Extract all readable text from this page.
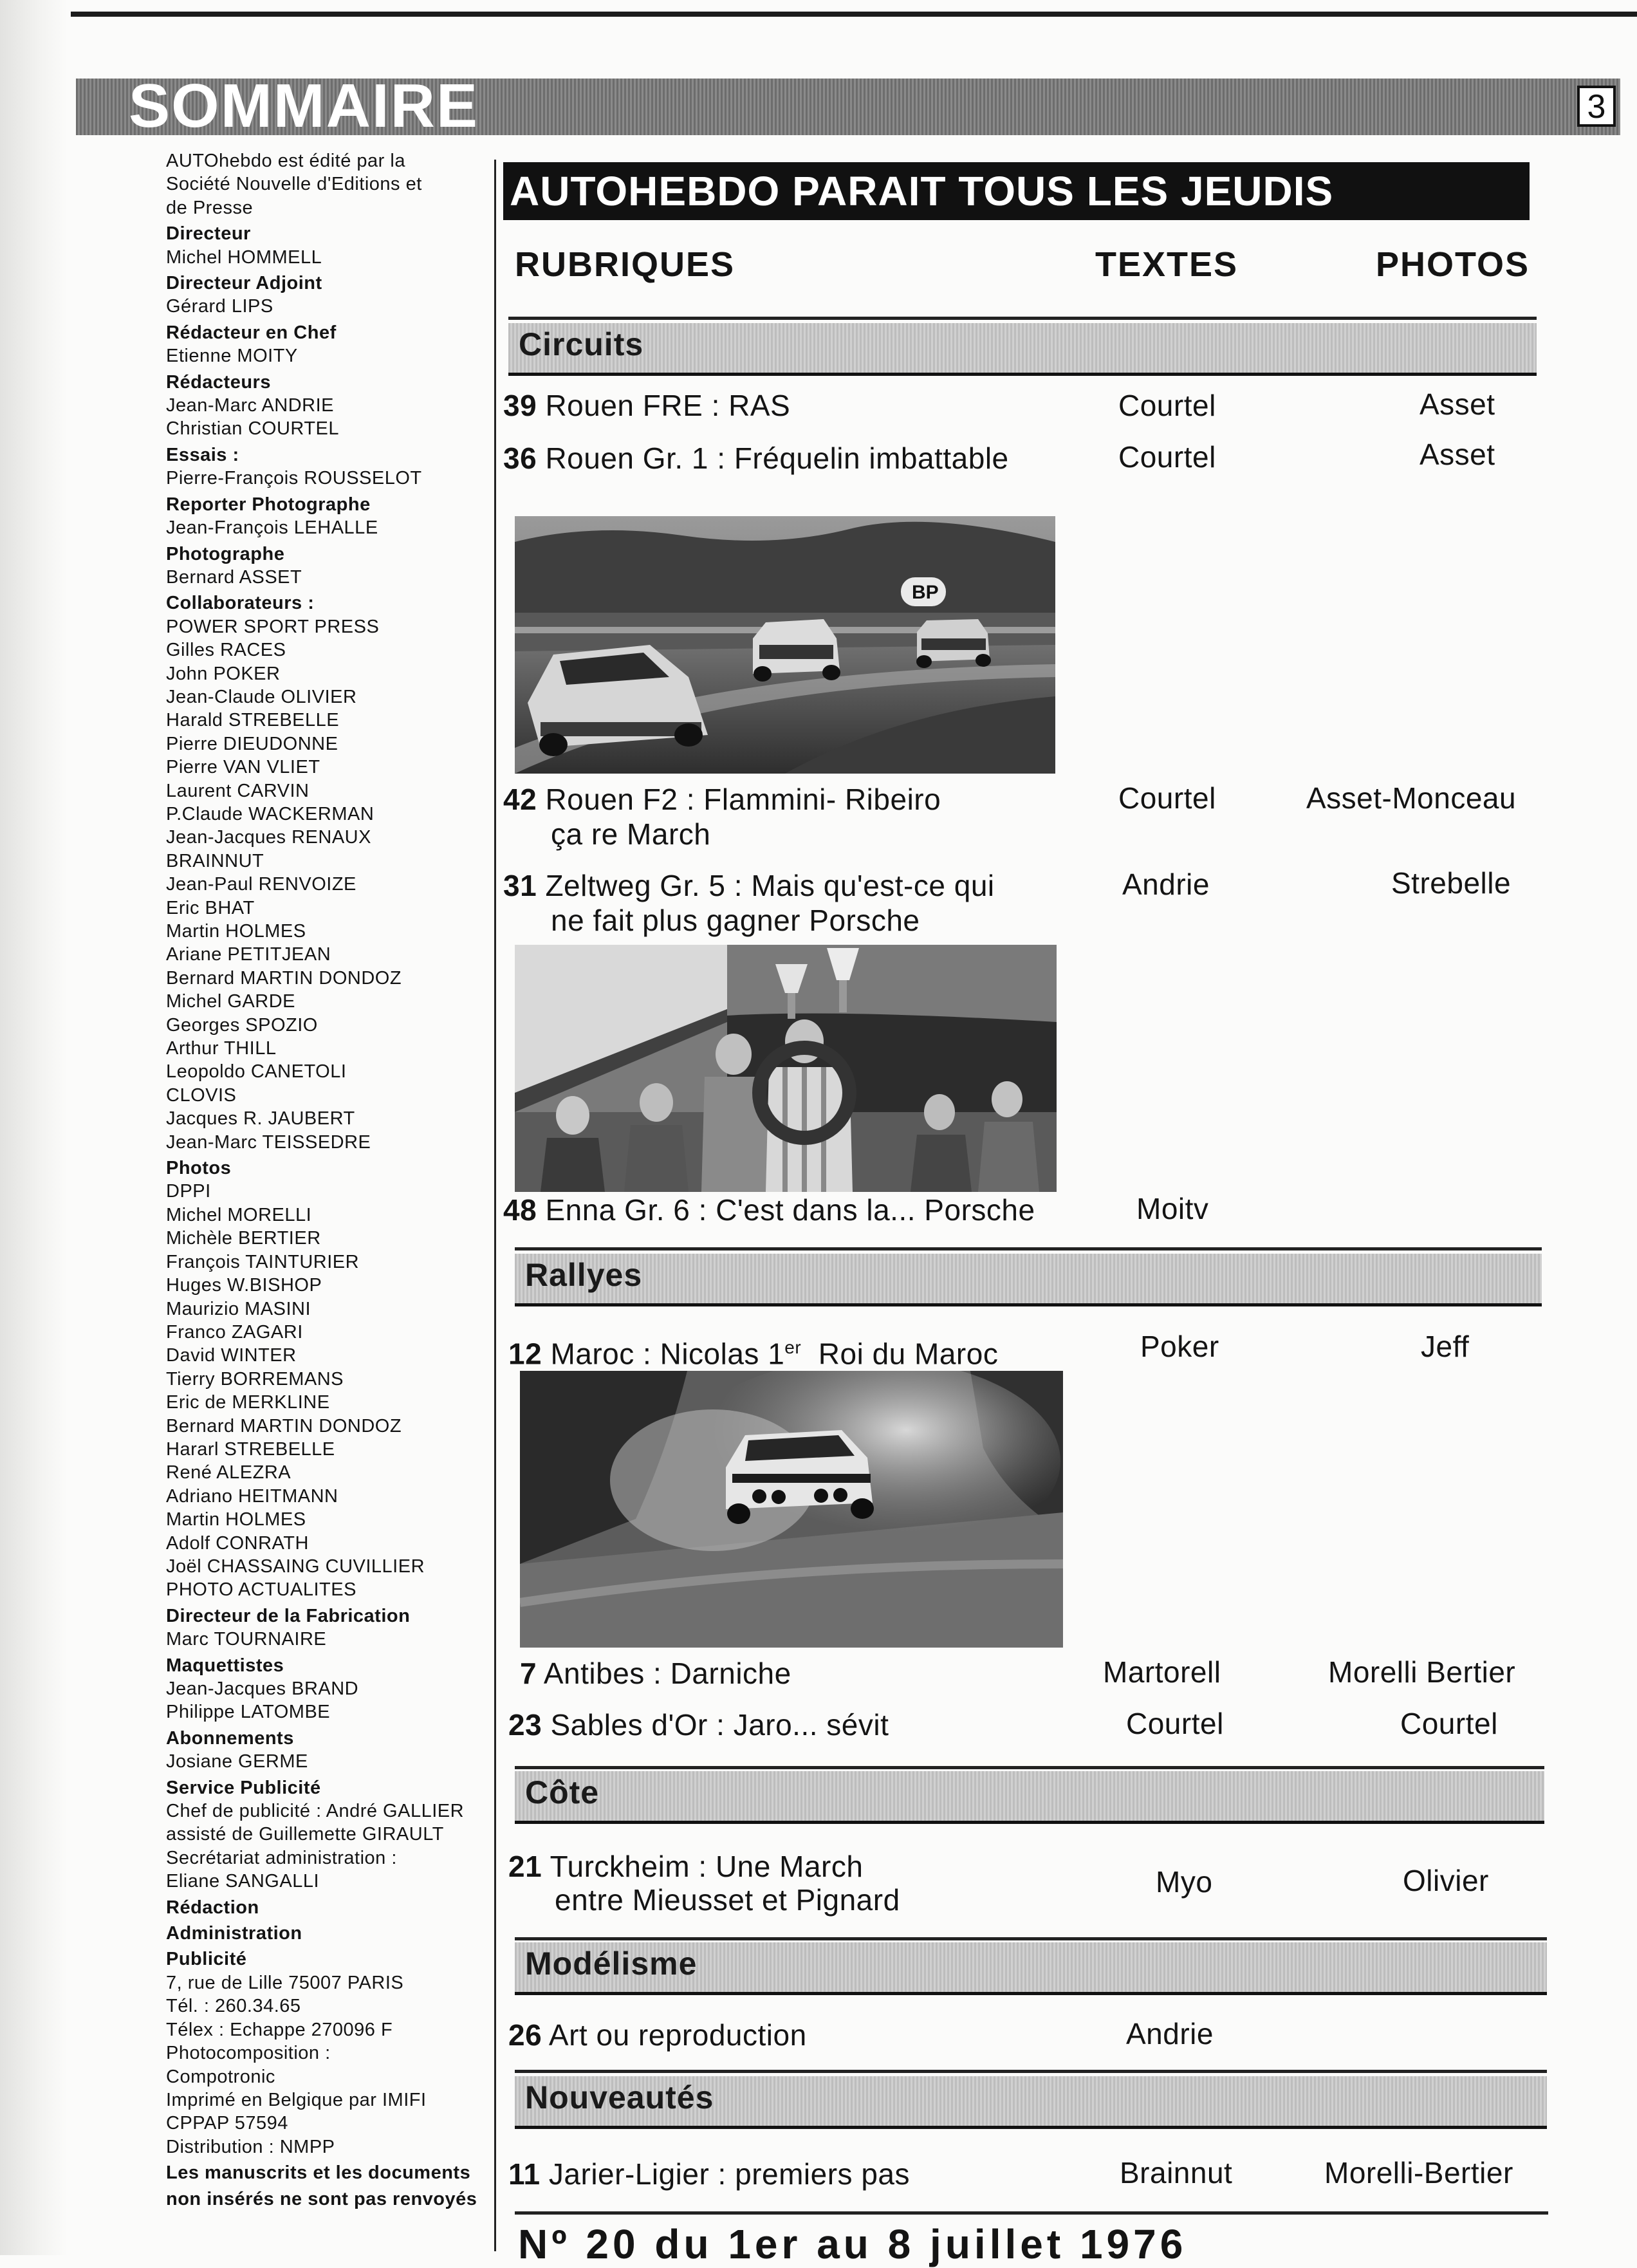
SOMMAIRE	3
AUTOhebdo est édité par la
Société Nouvelle d'Editions et
de Presse
Directeur
Michel HOMMELL
Directeur Adjoint
Gérard LIPS
Rédacteur en Chef
Etienne MOITY
Rédacteurs
Jean-Marc ANDRIE
Christian COURTEL
Essais :
Pierre-François ROUSSELOT
Reporter Photographe
Jean-François LEHALLE
Photographe
Bernard ASSET
Collaborateurs :
POWER SPORT PRESS
Gilles RACES
John POKER
Jean-Claude OLIVIER
Harald STREBELLE
Pierre DIEUDONNE
Pierre VAN VLIET
Laurent CARVIN
P.Claude WACKERMAN
Jean-Jacques RENAUX
BRAINNUT
Jean-Paul RENVOIZE
Eric BHAT
Martin HOLMES
Ariane PETITJEAN
Bernard MARTIN DONDOZ
Michel GARDE
Georges SPOZIO
Arthur THILL
Leopoldo CANETOLI
CLOVIS
Jacques R. JAUBERT
Jean-Marc TEISSEDRE
Photos
DPPI
Michel MORELLI
Michèle BERTIER
François TAINTURIER
Huges W.BISHOP
Maurizio MASINI
Franco ZAGARI
David WINTER
Tierry BORREMANS
Eric de MERKLINE
Bernard MARTIN DONDOZ
Hararl STREBELLE
René ALEZRA
Adriano HEITMANN
Martin HOLMES
Adolf CONRATH
Joël CHASSAING CUVILLIER
PHOTO ACTUALITES
Directeur de la Fabrication
Marc TOURNAIRE
Maquettistes
Jean-Jacques BRAND
Philippe LATOMBE
Abonnements
Josiane GERME
Service Publicité
Chef de publicité : André GALLIER
assisté de Guillemette GIRAULT
Secrétariat administration :
Eliane SANGALLI
Rédaction
Administration
Publicité
7, rue de Lille 75007 PARIS
Tél. : 260.34.65
Télex : Echappe 270096 F
Photocomposition :
Compotronic
Imprimé en Belgique par IMIFI
CPPAP 57594
Distribution : NMPP
Les manuscrits et les documents
non insérés ne sont pas renvoyés
AUTOHEBDO PARAIT TOUS LES JEUDIS
RUBRIQUES	TEXTES	PHOTOS
Circuits
39 Rouen FRE : RAS	Courtel	Asset
36 Rouen Gr. 1 : Fréquelin imbattable	Courtel	Asset
BP
42 Rouen F2 : Flammini- Ribeiro
ça re March
Courtel	Asset-Monceau
31 Zeltweg Gr. 5 : Mais qu'est-ce qui
ne fait plus gagner Porsche
Andrie	Strebelle
48 Enna Gr. 6 : C'est dans la... Porsche	Moitv
Rallyes
12 Maroc : Nicolas 1er Roi du Maroc	Poker	Jeff
7 Antibes : Darniche	Martorell	Morelli Bertier
23 Sables d'Or : Jaro... sévit	Courtel	Courtel
Côte
21 Turckheim : Une March
entre Mieusset et Pignard
Myo	Olivier
Modélisme
26 Art ou reproduction	Andrie
Nouveautés
11 Jarier-Ligier : premiers pas	Brainnut	Morelli-Bertier
Nº 20 du 1er au 8 juillet 1976
